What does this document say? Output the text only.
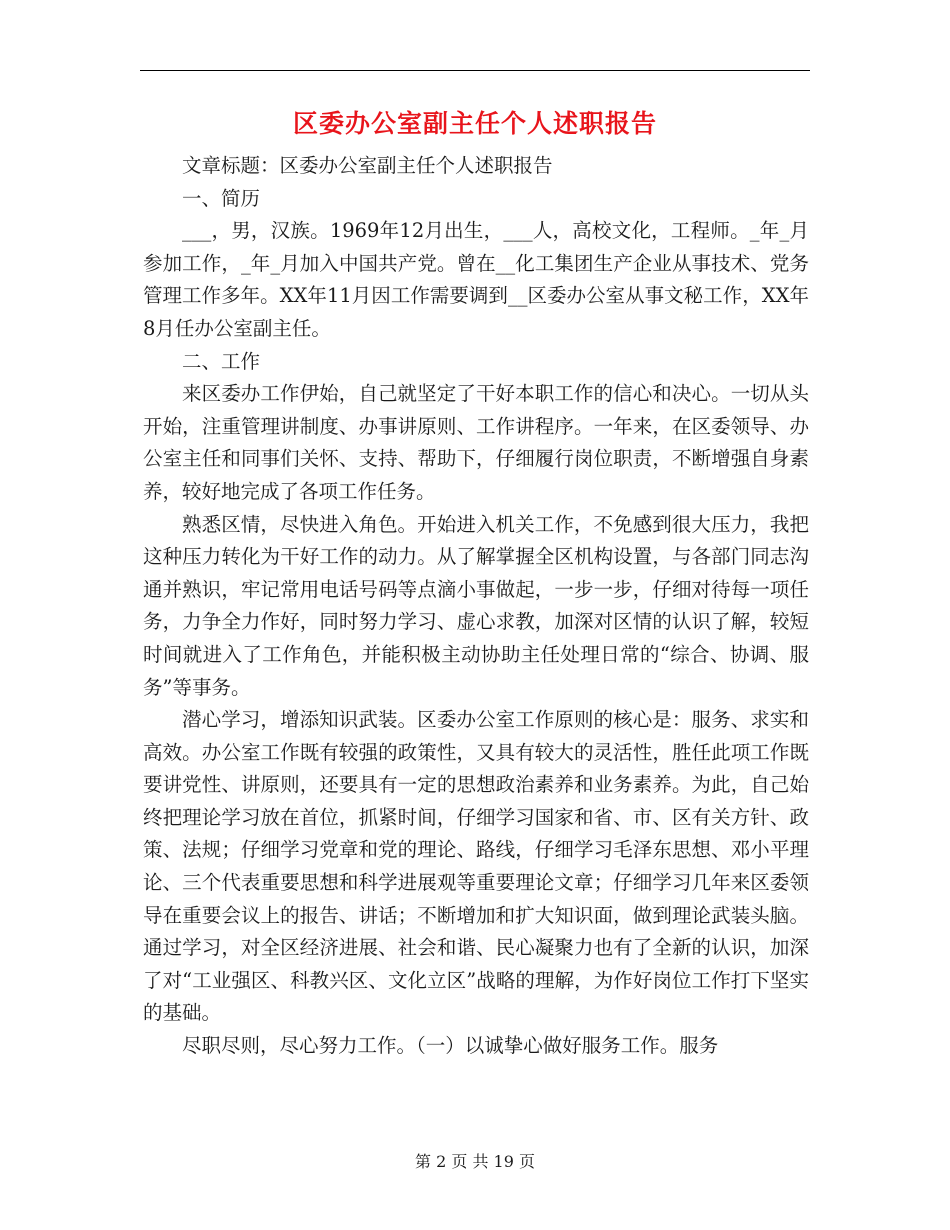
区委办公室副主任个人述职报告

文章标题：区委办公室副主任个人述职报告

一、简历

___，男，汉族。1969年12月出生，___人，高校文化，工程师。_年_月参加工作，_年_月加入中国共产党。曾在__化工集团生产企业从事技术、党务管理工作多年。XX年11月因工作需要调到__区委办公室从事文秘工作，XX年8月任办公室副主任。

二、工作

来区委办工作伊始，自己就坚定了干好本职工作的信心和决心。一切从头开始，注重管理讲制度、办事讲原则、工作讲程序。一年来，在区委领导、办公室主任和同事们关怀、支持、帮助下，仔细履行岗位职责，不断增强自身素养，较好地完成了各项工作任务。

熟悉区情，尽快进入角色。开始进入机关工作，不免感到很大压力，我把这种压力转化为干好工作的动力。从了解掌握全区机构设置，与各部门同志沟通并熟识，牢记常用电话号码等点滴小事做起，一步一步，仔细对待每一项任务，力争全力作好，同时努力学习、虚心求教，加深对区情的认识了解，较短时间就进入了工作角色，并能积极主动协助主任处理日常的“综合、协调、服务”等事务。

潜心学习，增添知识武装。区委办公室工作原则的核心是：服务、求实和高效。办公室工作既有较强的政策性，又具有较大的灵活性，胜任此项工作既要讲党性、讲原则，还要具有一定的思想政治素养和业务素养。为此，自己始终把理论学习放在首位，抓紧时间，仔细学习国家和省、市、区有关方针、政策、法规；仔细学习党章和党的理论、路线，仔细学习毛泽东思想、邓小平理论、三个代表重要思想和科学进展观等重要理论文章；仔细学习几年来区委领导在重要会议上的报告、讲话；不断增加和扩大知识面，做到理论武装头脑。通过学习，对全区经济进展、社会和谐、民心凝聚力也有了全新的认识，加深了对“工业强区、科教兴区、文化立区”战略的理解，为作好岗位工作打下坚实的基础。

尽职尽则，尽心努力工作。（一）以诚挚心做好服务工作。服务

第 2 页 共 19 页
